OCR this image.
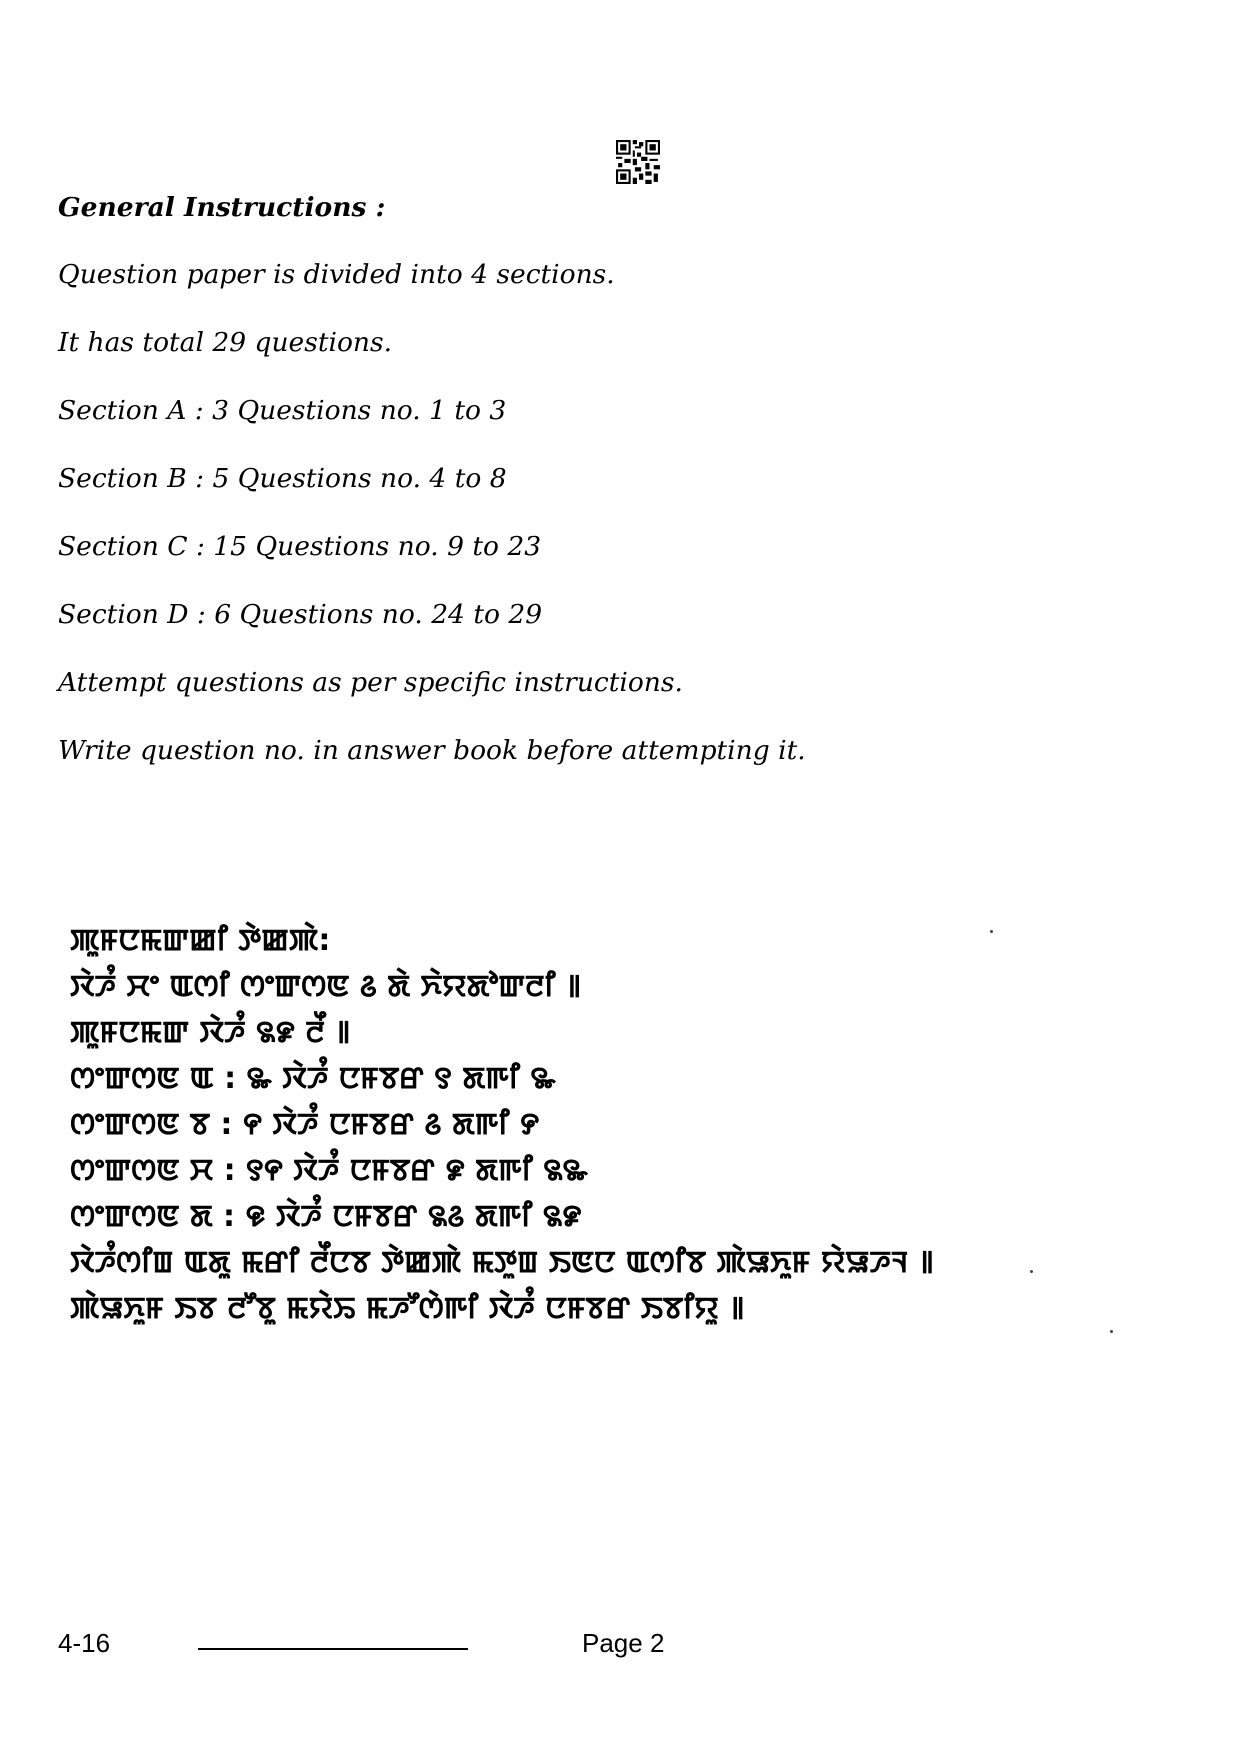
General Instructions :
Question paper is divided into 4 sections.
It has total 29 questions.
Section A : 3 Questions no. 1 to 3
Section B : 5 Questions no. 4 to 8
Section C : 15 Questions no. 9 to 23
Section D : 6 Questions no. 24 to 29
Attempt questions as per specific instructions.
Write question no. in answer book before attempting it.
ꯄꯨꯝꯅꯃꯛꯀꯤ ꯇꯥꯀꯄꯥ:
ꯋꯥꯍꯪ ꯆꯦ ꯑꯁꯤ ꯁꯦꯛꯁꯟ ꯴ ꯗꯥ ꯈꯥꯌꯗꯣꯛꯂꯤ ꯫
ꯄꯨꯝꯅꯃꯛ ꯋꯥꯍꯪ ꯲꯹ ꯂꯩ ꯫
ꯁꯦꯛꯁꯟ ꯑ : ꯳ ꯋꯥꯍꯪ ꯅꯝꯕꯔ ꯱ ꯗꯒꯤ ꯳
ꯁꯦꯛꯁꯟ ꯕ : ꯵ ꯋꯥꯍꯪ ꯅꯝꯕꯔ ꯴ ꯗꯒꯤ ꯸
ꯁꯦꯛꯁꯟ ꯆ : ꯱꯵ ꯋꯥꯍꯪ ꯅꯝꯕꯔ ꯹ ꯗꯒꯤ ꯲꯳
ꯁꯦꯛꯁꯟ ꯗ : ꯶ ꯋꯥꯍꯪ ꯅꯝꯕꯔ ꯲꯴ ꯗꯒꯤ ꯲꯹
ꯋꯥꯍꯪꯁꯤꯡ ꯑꯗꯨ ꯃꯔꯤ ꯂꯩꯅꯕ ꯇꯥꯀꯄꯥ ꯃꯇꯨꯡ ꯏꯟꯅ ꯑꯁꯤꯕ ꯄꯥꯎꯈꯨꯝ ꯌꯥꯎꯍꯜ ꯫
ꯄꯥꯎꯈꯨꯝ ꯏꯕ ꯂꯧꯕꯨ ꯃꯌꯥꯢ ꯃꯍꯧꯁꯥꯒꯤ ꯋꯥꯍꯪ ꯅꯝꯕꯔ ꯏꯕꯤꯌꯨ ꯫
4-16	Page 2
